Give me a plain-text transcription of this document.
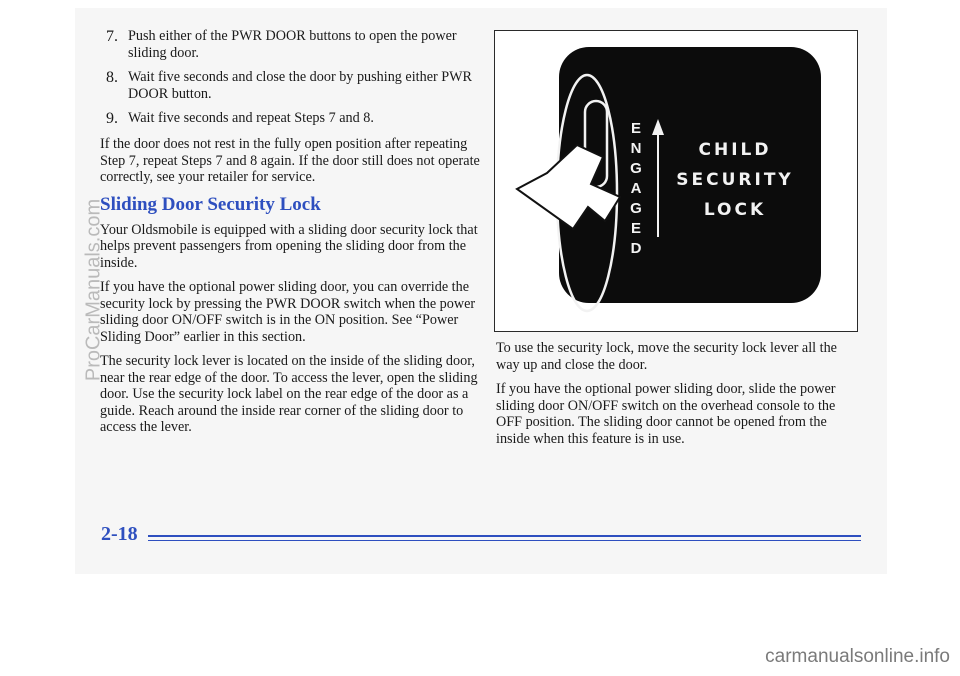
7. Push either of the PWR DOOR buttons to open the power sliding door.

8. Wait five seconds and close the door by pushing either PWR DOOR button.

9. Wait five seconds and repeat Steps 7 and 8.

If the door does not rest in the fully open position after repeating Step 7, repeat Steps 7 and 8 again. If the door still does not operate correctly, see your retailer for service.

Sliding Door Security Lock

Your Oldsmobile is equipped with a sliding door security lock that helps prevent passengers from opening the sliding door from the inside.

If you have the optional power sliding door, you can override the security lock by pressing the PWR DOOR switch when the power sliding door ON/OFF switch is in the ON position. See “Power Sliding Door” earlier in this section.

The security lock lever is located on the inside of the sliding door, near the rear edge of the door. To access the lever, open the sliding door. Use the security lock label on the rear edge of the door as a guide. Reach around the inside rear corner of the sliding door to access the lever.

E
N
G
A
G
E
D
CHILD
SECURITY
LOCK

To use the security lock, move the security lock lever all the way up and close the door.

If you have the optional power sliding door, slide the power sliding door ON/OFF switch on the overhead console to the OFF position. The sliding door cannot be opened from the inside when this feature is in use.

2-18
ProCarManuals.com
carmanualsonline.info
